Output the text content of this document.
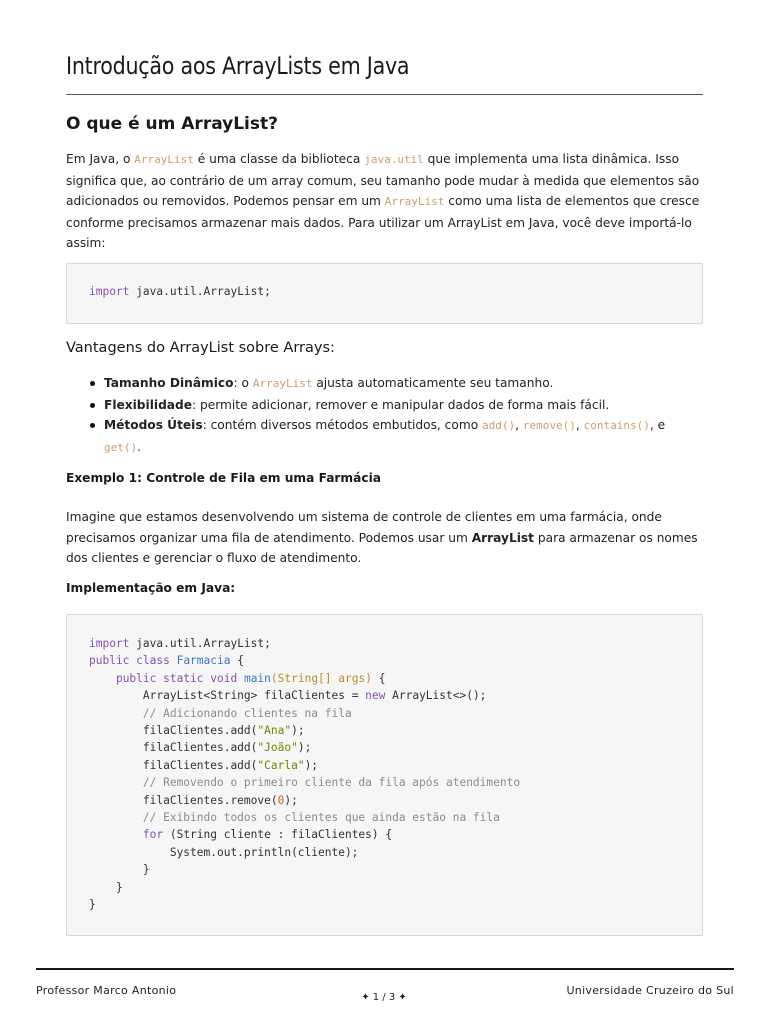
Introdução aos ArrayLists em Java
O que é um ArrayList?
Em Java, o ArrayList é uma classe da biblioteca java.util que implementa uma lista dinâmica. Isso significa que, ao contrário de um array comum, seu tamanho pode mudar à medida que elementos são adicionados ou removidos. Podemos pensar em um ArrayList como uma lista de elementos que cresce conforme precisamos armazenar mais dados. Para utilizar um ArrayList em Java, você deve importá-lo assim:
import java.util.ArrayList;
Vantagens do ArrayList sobre Arrays:
Tamanho Dinâmico: o ArrayList ajusta automaticamente seu tamanho.
Flexibilidade: permite adicionar, remover e manipular dados de forma mais fácil.
Métodos Úteis: contém diversos métodos embutidos, como add(), remove(), contains(), e get().
Exemplo 1: Controle de Fila em uma Farmácia
Imagine que estamos desenvolvendo um sistema de controle de clientes em uma farmácia, onde precisamos organizar uma fila de atendimento. Podemos usar um ArrayList para armazenar os nomes dos clientes e gerenciar o fluxo de atendimento.
Implementação em Java:
import java.util.ArrayList;
public class Farmacia {
public static void main(String[] args) {
ArrayList<String> filaClientes = new ArrayList<>();
// Adicionando clientes na fila
filaClientes.add("Ana");
filaClientes.add("João");
filaClientes.add("Carla");
// Removendo o primeiro cliente da fila após atendimento
filaClientes.remove(0);
// Exibindo todos os clientes que ainda estão na fila
for (String cliente : filaClientes) {
System.out.println(cliente);
}
}
}
Professor Marco Antonio
✦ 1 / 3 ✦
Universidade Cruzeiro do Sul
